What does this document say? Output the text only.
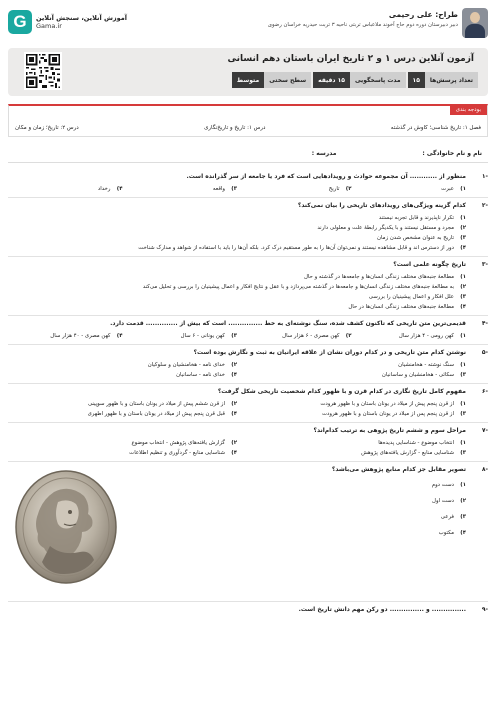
طراح: علی رحیمی
دبیر دبیرستان دوره دوم حاج آخوند ملاعباس تربتی ناحیه ۳ تربت حیدریه خراسان رضوی
G	آموزش آنلاین، سنجش آنلاین
Gama.ir
آزمون آنلاین درس ۱ و ۲ تاریخ ایران باستان دهم انسانی
تعداد پرسش‌ها
۱۵
مدت پاسخگویی
۱۵ دقیقه
سطح سختی
متوسط
بودجه بندی
فصل ۱: تاریخ شناسی؛ کاوش در گذشته
درس ۱: تاریخ و تاریخ‌نگاری
درس ۲: تاریخ؛ زمان و مکان
نام و نام خانوادگی :
مدرسه :
۱-
منظور از ............ آن مجموعه حوادث و رویدادهایی است که فرد یا جامعه از سر گذرانده است.
۱)
عبرت
۲)
تاریخ
۳)
واقعه
۴)
رخداد
۲-
کدام گزینه ویژگی‌های رویدادهای تاریخی را بیان نمی‌کند؟
۱)
تکرار ناپذیرند و قابل تجربه نیستند
۲)
مجرد و مستقل نیستند و با یکدیگر رابطهٔ علت و معلولی دارند
۳)
تاریخ به عنوان مشخص شدن زمان
۴)
دور از دسترس اند و قابل مشاهده نیستند و نمی‌توان آن‌ها را به طور مستقیم درک کرد. بلکه آن‌ها را باید با استفاده از شواهد و مدارک شناخت
۳-
تاریخ چگونه علمی است؟
۱)
مطالعهٔ جنبه‌های مختلف زندگی انسان‌ها و جامعه‌ها در گذشته و حال
۲)
به مطالعهٔ جنبه‌های مختلف زندگی انسان‌ها و جامعه‌ها در گذشته می‌پردازد و با عقل و نتایج افکار و اعمال پیشینیان را بررسی و تحلیل می‌کند
۳)
علل افکار و اعمال پیشینیان را بررسی
۴)
مطالعهٔ جنبه‌های مختلف زندگی انسان‌ها در حال
۴-
قدیمی‌ترین متن تاریخی که تاکنون کشف شده، سنگ نوشته‌ای به خط ............... است که بیش از .............. قدمت دارد.
۱)
کهن رومی - ۴ هزار سال
۲)
کهن مصری - ۶ هزار سال
۳)
کهن یونانی - ۶ سال
۴)
کهن مصری - ۴۰ هزار سال
۵-
نوشتن کدام متن تاریخی و در کدام دوران نشان از علاقه ایرانیان به ثبت و نگارش بوده است؟
۱)
سنگ نوشته - هخامنشیان
۲)
خدای نامه - هخامنشیان و سلوکیان
۳)
سکائی - هخامنشیان و ساسانیان
۴)
خدای نامه - ساسانیان
۶-
مفهوم کامل تاریخ نگاری در کدام قرن و با ظهور کدام شخصیت تاریخی شکل گرفت؟
۱)
از قرن پنجم پیش از میلاد در یونان باستان و با ظهور هرودت
۲)
از قرن ششم پیش از میلاد در یونان باستان و با ظهور سوپینی
۳)
از قرن پنجم پس از میلاد در یونان باستان و با ظهور هرودت
۴)
قبل قرن پنجم پیش از میلاد در یونان باستان و با ظهور اطهری
۷-
مراحل سوم و ششم تاریخ پژوهی به ترتیب کدام‌اند؟
۱)
انتخاب موضوع - شناسایی پدیده‌ها
۲)
گزارش یافته‌های پژوهش - انتخاب موضوع
۳)
شناسایی منابع - گزارش یافته‌های پژوهش
۴)
شناسایی منابع - گردآوری و تنظیم اطلاعات
۸-
تصویر مقابل جز کدام منابع پژوهش می‌باشد؟
۱)
دست دوم
۲)
دست اول
۳)
فرعی
۴)
مکتوب
۹-
............... و ............... دو رکن مهم دانش تاریخ است.
